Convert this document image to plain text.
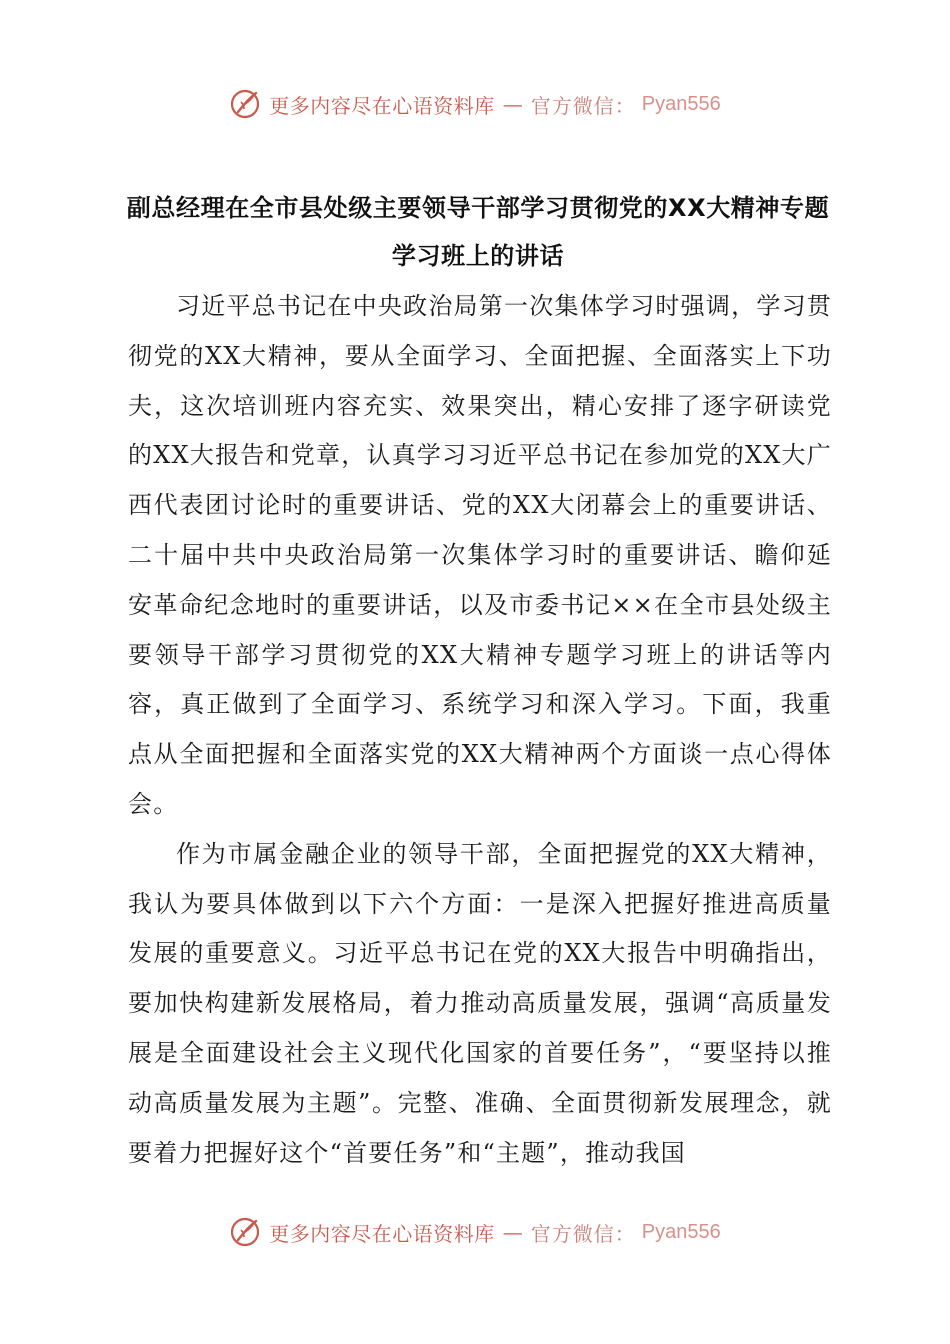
更多内容尽在心语资料库 — 官方微信： Pyan556
副总经理在全市县处级主要领导干部学习贯彻党的XX大精神专题学习班上的讲话

习近平总书记在中央政治局第一次集体学习时强调，学习贯彻党的XX大精神，要从全面学习、全面把握、全面落实上下功夫，这次培训班内容充实、效果突出，精心安排了逐字研读党的XX大报告和党章，认真学习习近平总书记在参加党的XX大广西代表团讨论时的重要讲话、党的XX大闭幕会上的重要讲话、二十届中共中央政治局第一次集体学习时的重要讲话、瞻仰延安革命纪念地时的重要讲话，以及市委书记××在全市县处级主要领导干部学习贯彻党的XX大精神专题学习班上的讲话等内容，真正做到了全面学习、系统学习和深入学习。下面，我重点从全面把握和全面落实党的XX大精神两个方面谈一点心得体会。

作为市属金融企业的领导干部，全面把握党的XX大精神，我认为要具体做到以下六个方面：一是深入把握好推进高质量发展的重要意义。习近平总书记在党的XX大报告中明确指出，要加快构建新发展格局，着力推动高质量发展，强调“高质量发展是全面建设社会主义现代化国家的首要任务”，“要坚持以推动高质量发展为主题”。完整、准确、全面贯彻新发展理念，就要着力把握好这个“首要任务”和“主题”，推动我国

更多内容尽在心语资料库 — 官方微信： Pyan556
